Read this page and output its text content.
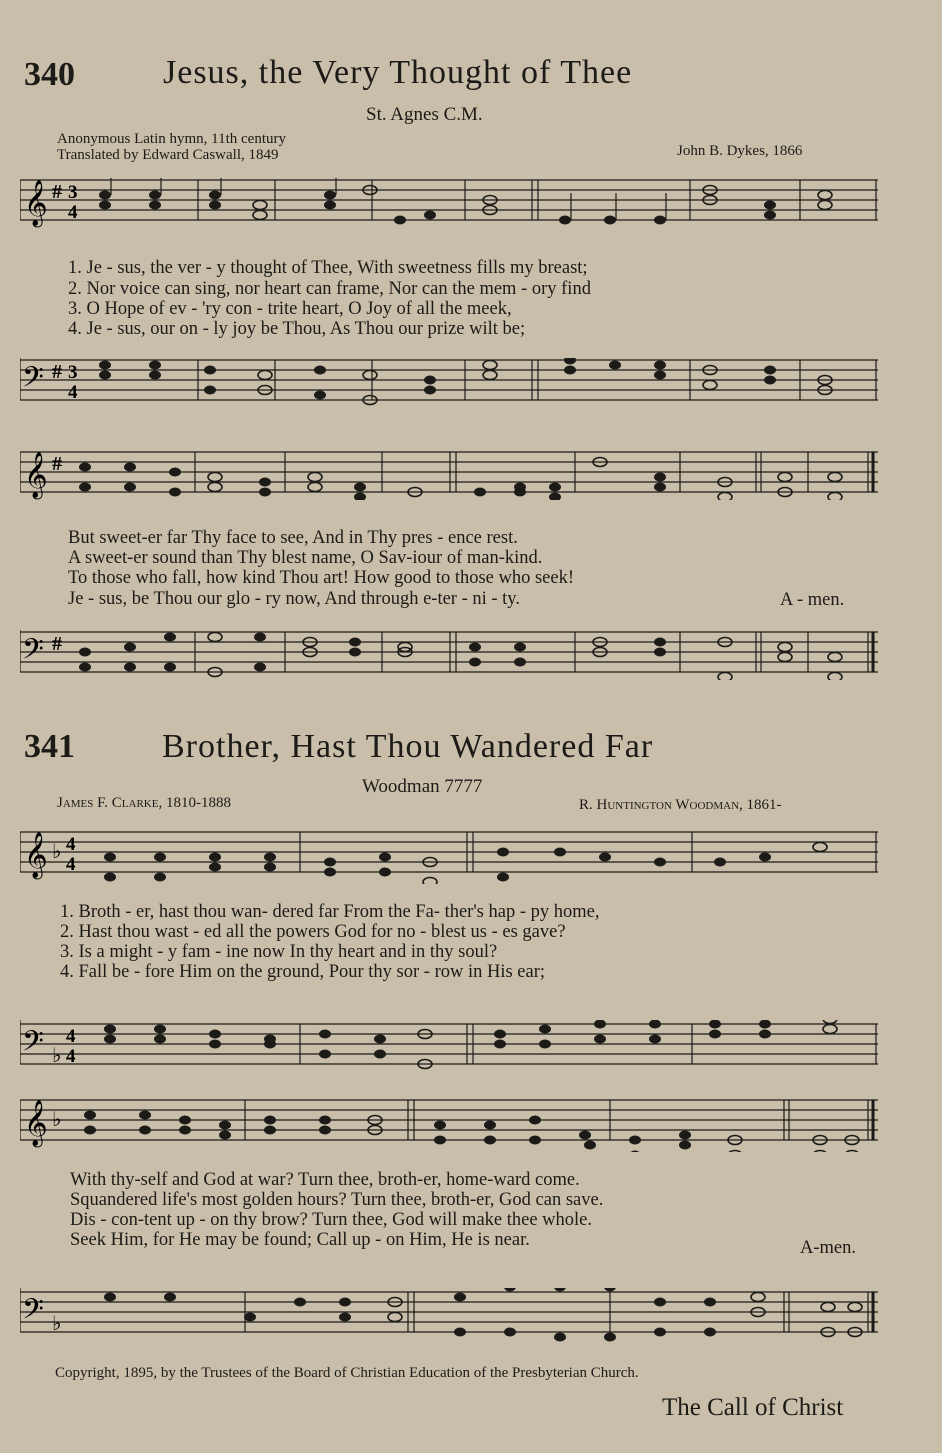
340	Jesus, the Very Thought of Thee
St. Agnes C.M.
Anonymous Latin hymn, 11th century
Translated by Edward Caswall, 1849	John B. Dykes, 1866
𝄞 # 3
4
1. Je - sus, the ver - y thought of Thee, With sweetness fills my breast;
2. Nor voice can sing, nor heart can frame, Nor can the mem - ory find
3. O Hope of ev - 'ry con - trite heart, O Joy of all the meek,
4. Je - sus, our on - ly joy be Thou, As Thou our prize wilt be;
𝄢 # 3
4
𝄞 #
But sweet-er far Thy face to see, And in Thy pres - ence rest.
A sweet-er sound than Thy blest name, O Sav-iour of man-kind.
To those who fall, how kind Thou art! How good to those who seek!
Je - sus, be Thou our glo - ry now, And through e-ter - ni - ty.	A - men.
𝄢 #
341	Brother, Hast Thou Wandered Far
Woodman 7777
James F. Clarke, 1810-1888	R. Huntington Woodman, 1861-
𝄞 ♭ 4
4
1. Broth - er, hast thou wan- dered far From the Fa- ther's hap - py home,
2. Hast thou wast - ed all the powers God for no - blest us - es gave?
3. Is a might - y fam - ine now In thy heart and in thy soul?
4. Fall be - fore Him on the ground, Pour thy sor - row in His ear;
𝄢 ♭
4
4
𝄞 ♭
With thy-self and God at war? Turn thee, broth-er, home-ward come.
Squandered life's most golden hours? Turn thee, broth-er, God can save.
Dis - con-tent up - on thy brow? Turn thee, God will make thee whole.
Seek Him, for He may be found; Call up - on Him, He is near.	A-men.
𝄢 ♭
Copyright, 1895, by the Trustees of the Board of Christian Education of the Presbyterian Church.
The Call of Christ
